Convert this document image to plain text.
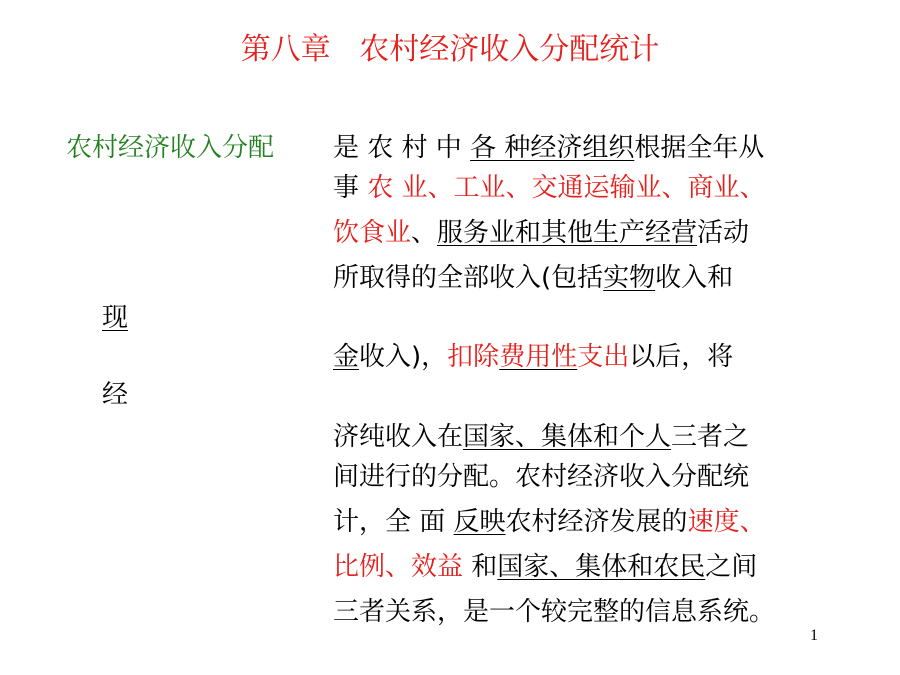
第八章   农村经济收入分配统计
农村经济收入分配
现
经
是 农 村 中 各 种经济组织根据全年从
事 农 业、工业、交通运输业、商业、
饮食业、服务业和其他生产经营活动
所取得的全部收入(包括实物收入和
金收入)，扣除费用性支出以后，将
济纯收入在国家、集体和个人三者之
间进行的分配。农村经济收入分配统
计，全 面 反映农村经济发展的速度、
比例、效益 和国家、集体和农民之间
三者关系，是一个较完整的信息系统。
1
